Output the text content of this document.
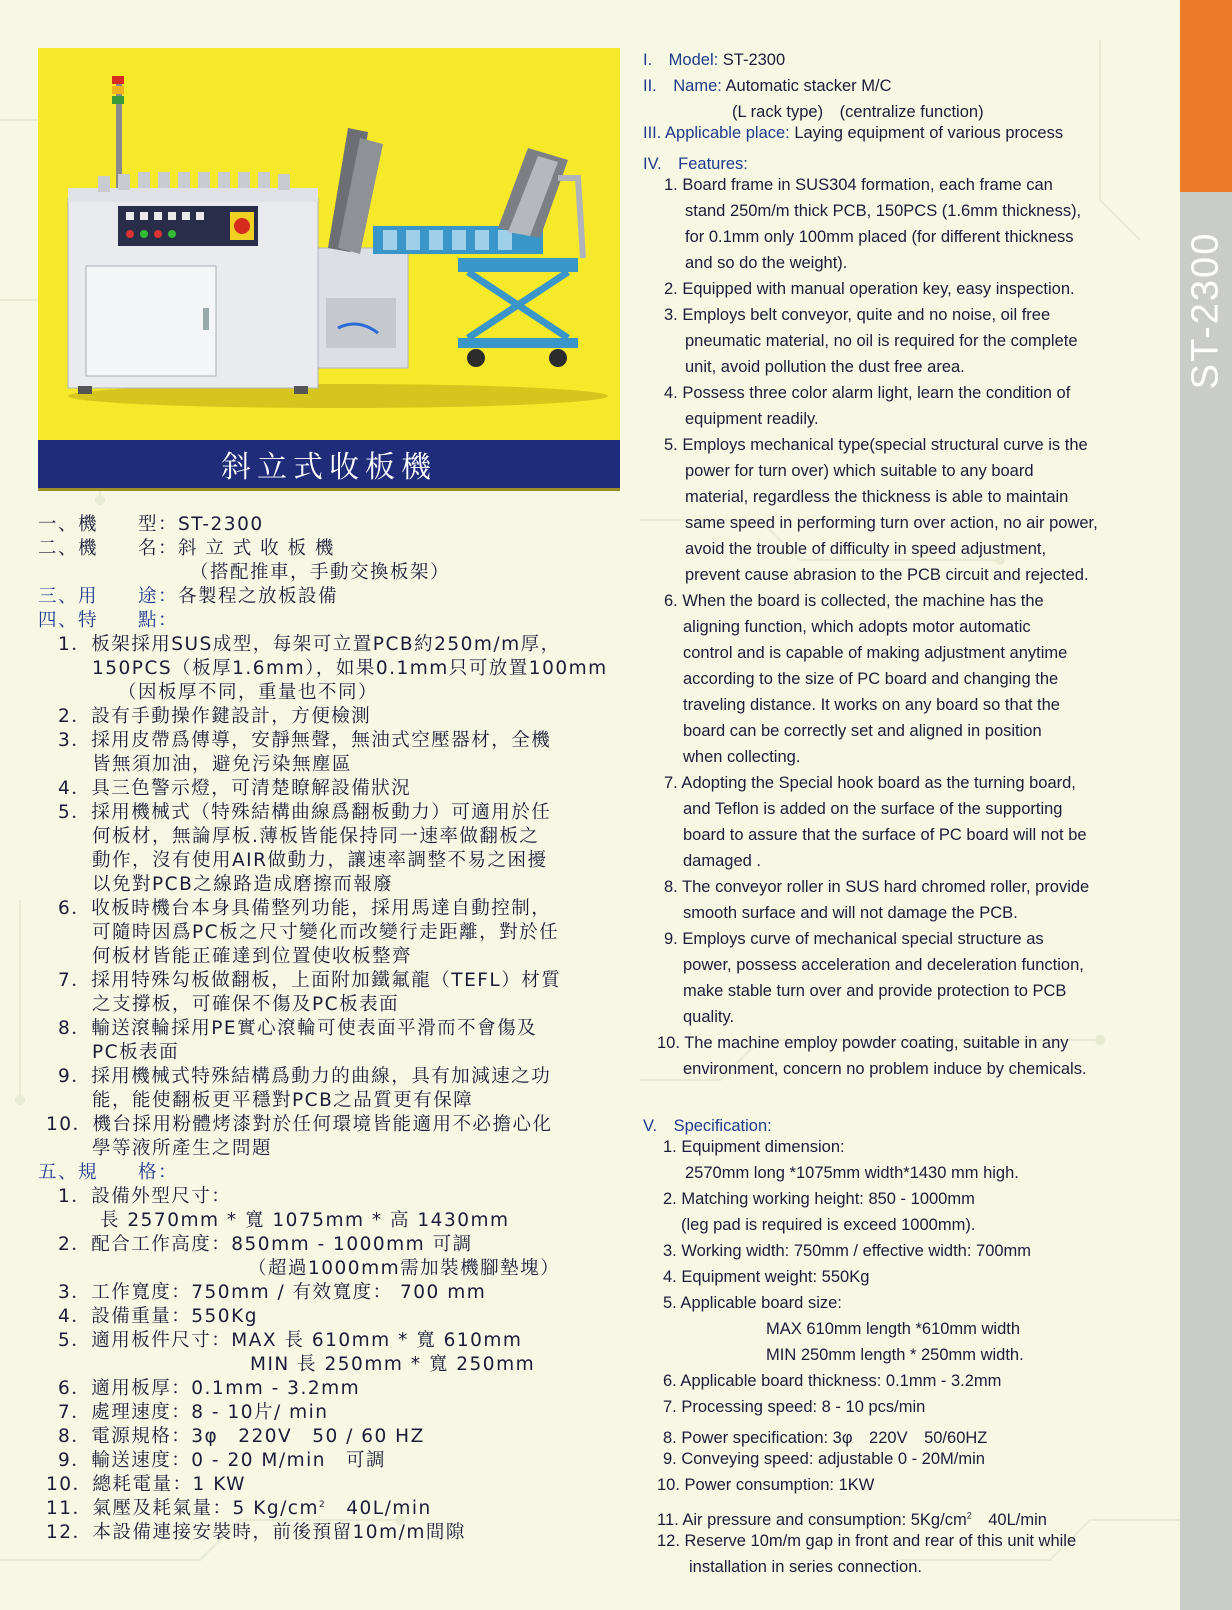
ST-2300
斜立式收板機
一、機　　型：ST-2300
二、機　　名：斜 立 式 收 板 機
（搭配推車，手動交換板架）
三、用　　途：各製程之放板設備
四、特　　點：
1．板架採用SUS成型，每架可立置PCB約250m/m厚，
150PCS（板厚1.6mm），如果0.1mm只可放置100mm
（因板厚不同，重量也不同）
2．設有手動操作鍵設計，方便檢測
3．採用皮帶爲傳導，安靜無聲，無油式空壓器材，全機
皆無須加油，避免污染無塵區
4．具三色警示燈，可清楚瞭解設備狀況
5．採用機械式（特殊結構曲線爲翻板動力）可適用於任
何板材，無論厚板.薄板皆能保持同一速率做翻板之
動作，沒有使用AIR做動力，讓速率調整不易之困擾
以免對PCB之線路造成磨擦而報廢
6．收板時機台本身具備整列功能，採用馬達自動控制，
可隨時因爲PC板之尺寸變化而改變行走距離，對於任
何板材皆能正確達到位置使收板整齊
7．採用特殊勾板做翻板，上面附加鐵氟龍（TEFL）材質
之支撐板，可確保不傷及PC板表面
8．輸送滾輪採用PE實心滾輪可使表面平滑而不會傷及
PC板表面
9．採用機械式特殊結構爲動力的曲線，具有加減速之功
能，能使翻板更平穩對PCB之品質更有保障
10．機台採用粉體烤漆對於任何環境皆能適用不必擔心化
學等液所產生之問題
五、規　　格：
1．設備外型尺寸：
長 2570mm * 寬 1075mm * 高 1430mm
2．配合工作高度：850mm - 1000mm 可調
（超過1000mm需加裝機腳墊塊）
3．工作寬度：750mm / 有效寬度： 700 mm
4．設備重量：550Kg
5．適用板件尺寸：MAX 長 610mm * 寬 610mm
MIN 長 250mm * 寬 250mm
6．適用板厚：0.1mm - 3.2mm
7．處理速度：8 - 10片/ min
8．電源規格：3φ　220V　50 / 60 HZ
9．輸送速度：0 - 20 M/min　可調
10．總耗電量：1 KW
11．氣壓及耗氣量：5 $Kg/cm^2$　40L/min
12．本設備連接安裝時，前後預留10m/m間隙
I.　Model: ST-2300
II.　Name: Automatic stacker M/C
(L rack type)　(centralize function)
III. Applicable place: Laying equipment of various process
IV.　Features:
1. Board frame in SUS304 formation, each frame can
stand 250m/m thick PCB, 150PCS (1.6mm thickness),
for 0.1mm only 100mm placed (for different thickness
and so do the weight).
2. Equipped with manual operation key, easy inspection.
3. Employs belt conveyor, quite and no noise, oil free
pneumatic material, no oil is required for the complete
unit, avoid pollution the dust free area.
4. Possess three color alarm light, learn the condition of
equipment readily.
5. Employs mechanical type(special structural curve is the
power for turn over) which suitable to any board
material, regardless the thickness is able to maintain
same speed in performing turn over action, no air power,
avoid the trouble of difficulty in speed adjustment,
prevent cause abrasion to the PCB circuit and rejected.
6. When the board is collected, the machine has the
aligning function, which adopts motor automatic
control and is capable of making adjustment anytime
according to the size of PC board and changing the
traveling distance. It works on any board so that the
board can be correctly set and aligned in position
when collecting.
7. Adopting the Special hook board as the turning board,
and Teflon is added on the surface of the supporting
board to assure that the surface of PC board will not be
damaged .
8. The conveyor roller in SUS hard chromed roller, provide
smooth surface and will not damage the PCB.
9. Employs curve of mechanical special structure as
power, possess acceleration and deceleration function,
make stable turn over and provide protection to PCB
quality.
10. The machine employ powder coating, suitable in any
environment, concern no problem induce by chemicals.
V.　Specification:
1. Equipment dimension:
2570mm long *1075mm width*1430 mm high.
2. Matching working height: 850 - 1000mm
(leg pad is required is exceed 1000mm).
3. Working width: 750mm / effective width: 700mm
4. Equipment weight: 550Kg
5. Applicable board size:
MAX 610mm length *610mm width
MIN 250mm length * 250mm width.
6. Applicable board thickness: 0.1mm - 3.2mm
7. Processing speed: 8 - 10 pcs/min
8. Power specification: 3φ　220V　50/60HZ
9. Conveying speed: adjustable 0 - 20M/min
10. Power consumption: 1KW
11. Air pressure and consumption: $5Kg/cm^2$　40L/min
12. Reserve 10m/m gap in front and rear of this unit while
installation in series connection.
